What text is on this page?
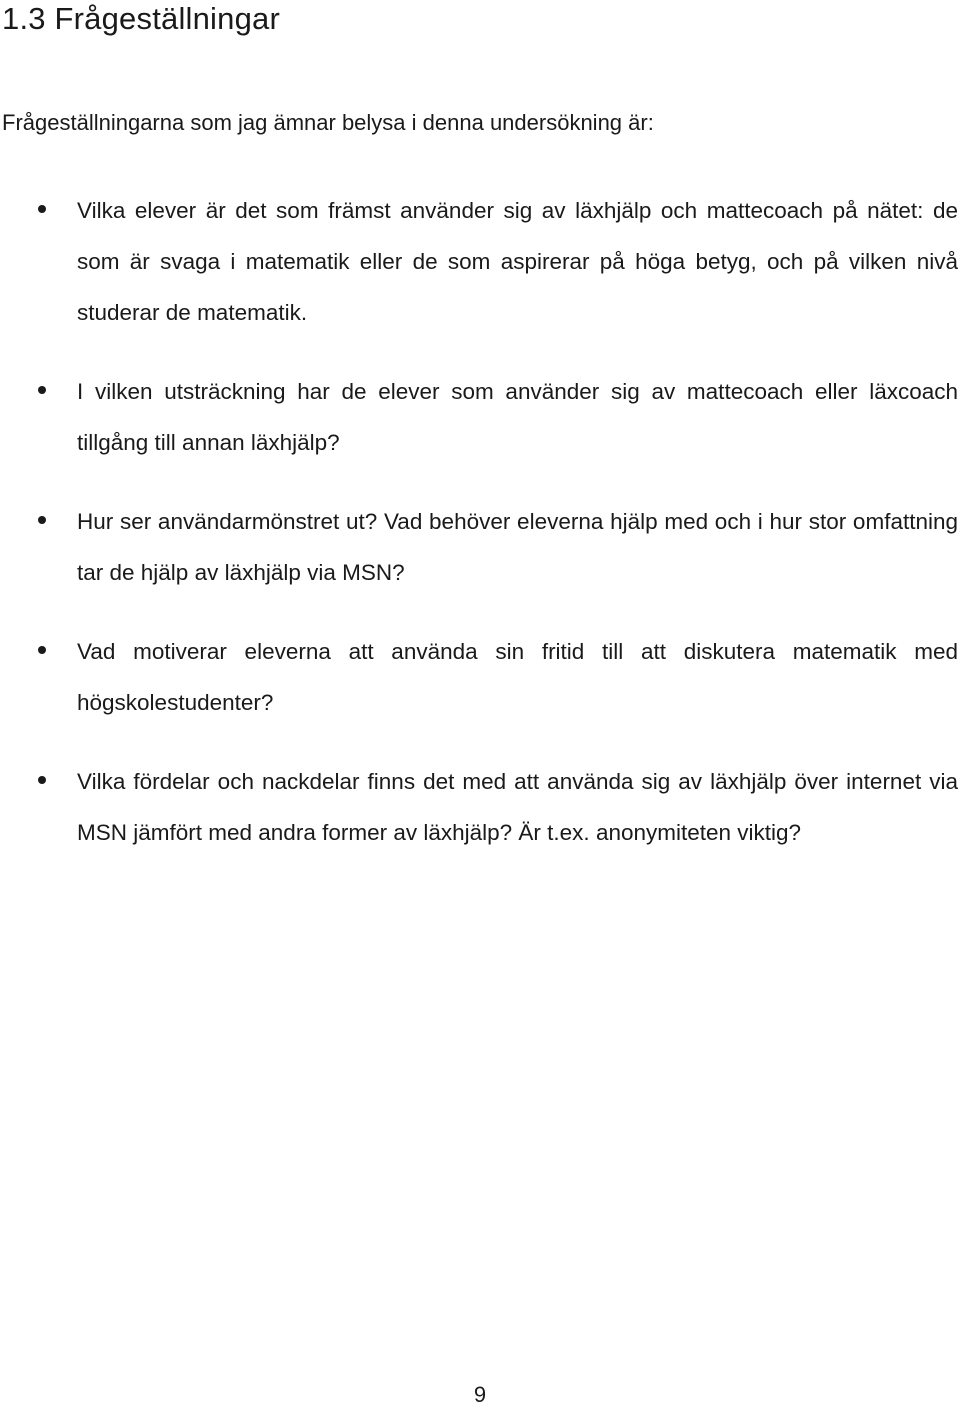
1.3 Frågeställningar

Frågeställningarna som jag ämnar belysa i denna undersökning är:

Vilka elever är det som främst använder sig av läxhjälp och mattecoach på nätet: de som är svaga i matematik eller de som aspirerar på höga betyg, och på vilken nivå studerar de matematik.
I vilken utsträckning har de elever som använder sig av mattecoach eller läxcoach tillgång till annan läxhjälp?
Hur ser användarmönstret ut? Vad behöver eleverna hjälp med och i hur stor omfattning tar de hjälp av läxhjälp via MSN?
Vad motiverar eleverna att använda sin fritid till att diskutera matematik med högskolestudenter?
Vilka fördelar och nackdelar finns det med att använda sig av läxhjälp över internet via MSN jämfört med andra former av läxhjälp? Är t.ex. anonymiteten viktig?

9
